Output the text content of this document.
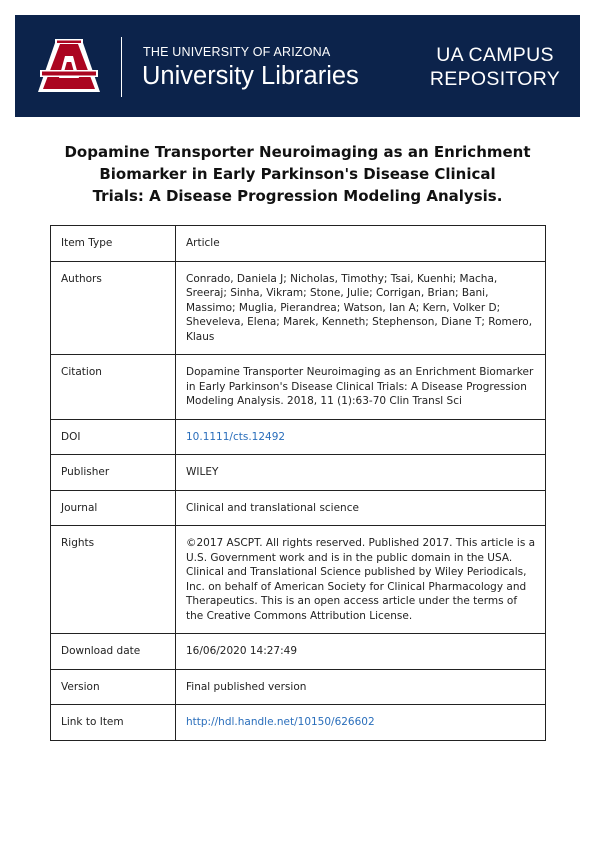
THE UNIVERSITY OF ARIZONA
University Libraries
UA CAMPUS
REPOSITORY
Dopamine Transporter Neuroimaging as an Enrichment
Biomarker in Early Parkinson's Disease Clinical
Trials: A Disease Progression Modeling Analysis.
Item Type	Article
Authors	Conrado, Daniela J; Nicholas, Timothy; Tsai, Kuenhi; Macha, Sreeraj; Sinha, Vikram; Stone, Julie; Corrigan, Brian; Bani, Massimo; Muglia, Pierandrea; Watson, Ian A; Kern, Volker D; Sheveleva, Elena; Marek, Kenneth; Stephenson, Diane T; Romero, Klaus
Citation	Dopamine Transporter Neuroimaging as an Enrichment Biomarker in Early Parkinson's Disease Clinical Trials: A Disease Progression Modeling Analysis. 2018, 11 (1):63-70 Clin Transl Sci
DOI	10.1111/cts.12492
Publisher	WILEY
Journal	Clinical and translational science
Rights	©2017 ASCPT. All rights reserved. Published 2017. This article is a U.S. Government work and is in the public domain in the USA. Clinical and Translational Science published by Wiley Periodicals, Inc. on behalf of American Society for Clinical Pharmacology and Therapeutics. This is an open access article under the terms of the Creative Commons Attribution License.
Download date	16/06/2020 14:27:49
Version	Final published version
Link to Item	http://hdl.handle.net/10150/626602
